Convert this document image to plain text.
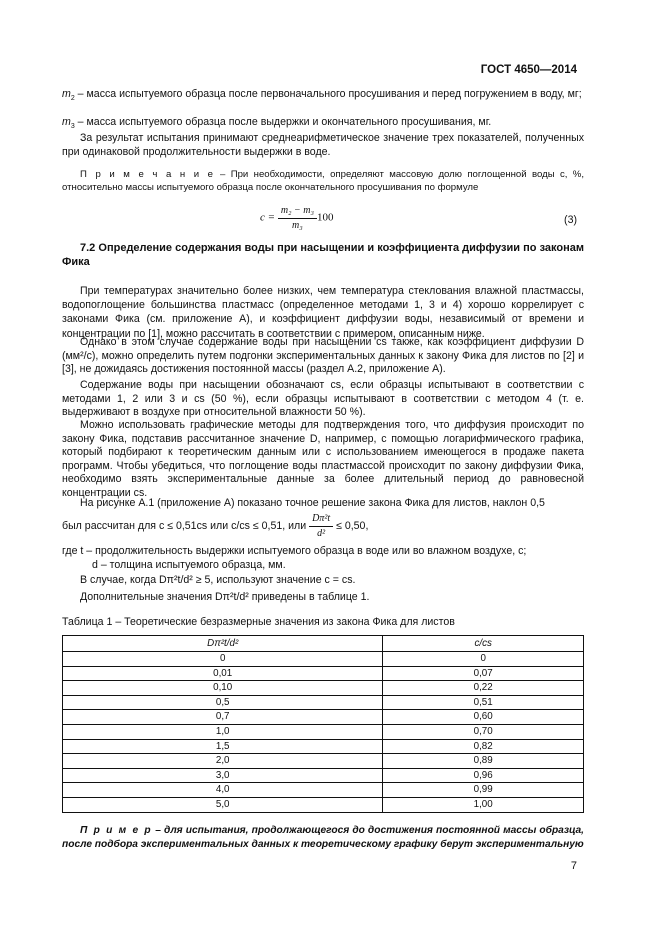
ГОСТ 4650—2014
$m_2$ – масса испытуемого образца после первоначального просушивания и перед погружением в воду, мг;
$m_3$ – масса испытуемого образца после выдержки и окончательного просушивания, мг.
За результат испытания принимают среднеарифметическое значение трех показателей, полученных при одинаковой продолжительности выдержки в воде.
П р и м е ч а н и е – При необходимости, определяют массовую долю поглощенной воды c, %, относительно массы испытуемого образца после окончательного просушивания по формуле
$c = \frac{\text{m₂ − m₃}}{\text{m₃}} 100$	(3)
7.2 Определение содержания воды при насыщении и коэффициента диффузии по законам Фика
При температурах значительно более низких, чем температура стеклования влажной пластмассы, водопоглощение большинства пластмасс (определенное методами 1, 3 и 4) хорошо коррелирует с законами Фика (см. приложение А), и коэффициент диффузии воды, независимый от времени и концентрации по [1], можно рассчитать в соответствии с примером, описанным ниже.
Однако в этом случае содержание воды при насыщении cs также, как коэффициент диффузии D (мм²/с), можно определить путем подгонки экспериментальных данных к закону Фика для листов по [2] и [3], не дожидаясь достижения постоянной массы (раздел А.2, приложение А).
Содержание воды при насыщении обозначают cs, если образцы испытывают в соответствии с методами 1, 2 или 3 и cs (50 %), если образцы испытывают в соответствии с методом 4 (т. е. выдерживают в воздухе при относительной влажности 50 %).
Можно использовать графические методы для подтверждения того, что диффузия происходит по закону Фика, подставив рассчитанное значение D, например, с помощью логарифмического графика, который подбирают к теоретическим данным или с использованием имеющегося в продаже пакета программ. Чтобы убедиться, что поглощение воды пластмассой происходит по закону диффузии Фика, необходимо взять экспериментальные данные за более длительный период до равновесной концентрации cs.
На рисунке А.1 (приложение А) показано точное решение закона Фика для листов, наклон 0,5
был рассчитан для c ≤ 0,51cs или c/cs ≤ 0,51, или $\frac{\text{Dπ²t}}{\text{d²}} \le 0,50$,
где t – продолжительность выдержки испытуемого образца в воде или во влажном воздухе, с;
d – толщина испытуемого образца, мм.
В случае, когда Dπ²t/d² ≥ 5, используют значение c = cs.
Дополнительные значения Dπ²t/d² приведены в таблице 1.
Таблица 1 – Теоретические безразмерные значения из закона Фика для листов
Dπ²t/d²	c/cs
0	0
0,01	0,07
0,10	0,22
0,5	0,51
0,7	0,60
1,0	0,70
1,5	0,82
2,0	0,89
3,0	0,96
4,0	0,99
5,0	1,00
П р и м е р – для испытания, продолжающегося до достижения постоянной массы образца, после подбора экспериментальных данных к теоретическому графику берут экспериментальную
7
